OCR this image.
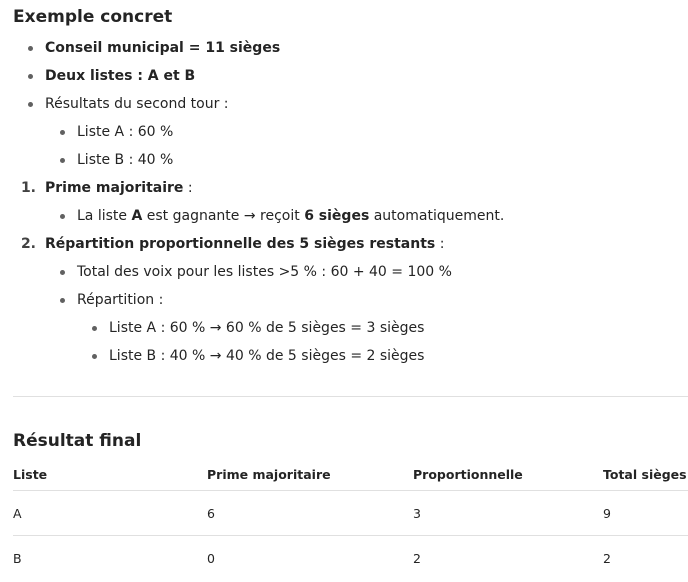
Exemple concret
Conseil municipal = 11 sièges
Deux listes : A et B
Résultats du second tour :
Liste A : 60 %
Liste B : 40 %
1. Prime majoritaire :
La liste A est gagnante → reçoit 6 sièges automatiquement.
2. Répartition proportionnelle des 5 sièges restants :
Total des voix pour les listes >5 % : 60 + 40 = 100 %
Répartition :
Liste A : 60 % → 60 % de 5 sièges = 3 sièges
Liste B : 40 % → 40 % de 5 sièges = 2 sièges
Résultat final
Liste	Prime majoritaire	Proportionnelle	Total sièges
A	6	3	9
B	0	2	2
